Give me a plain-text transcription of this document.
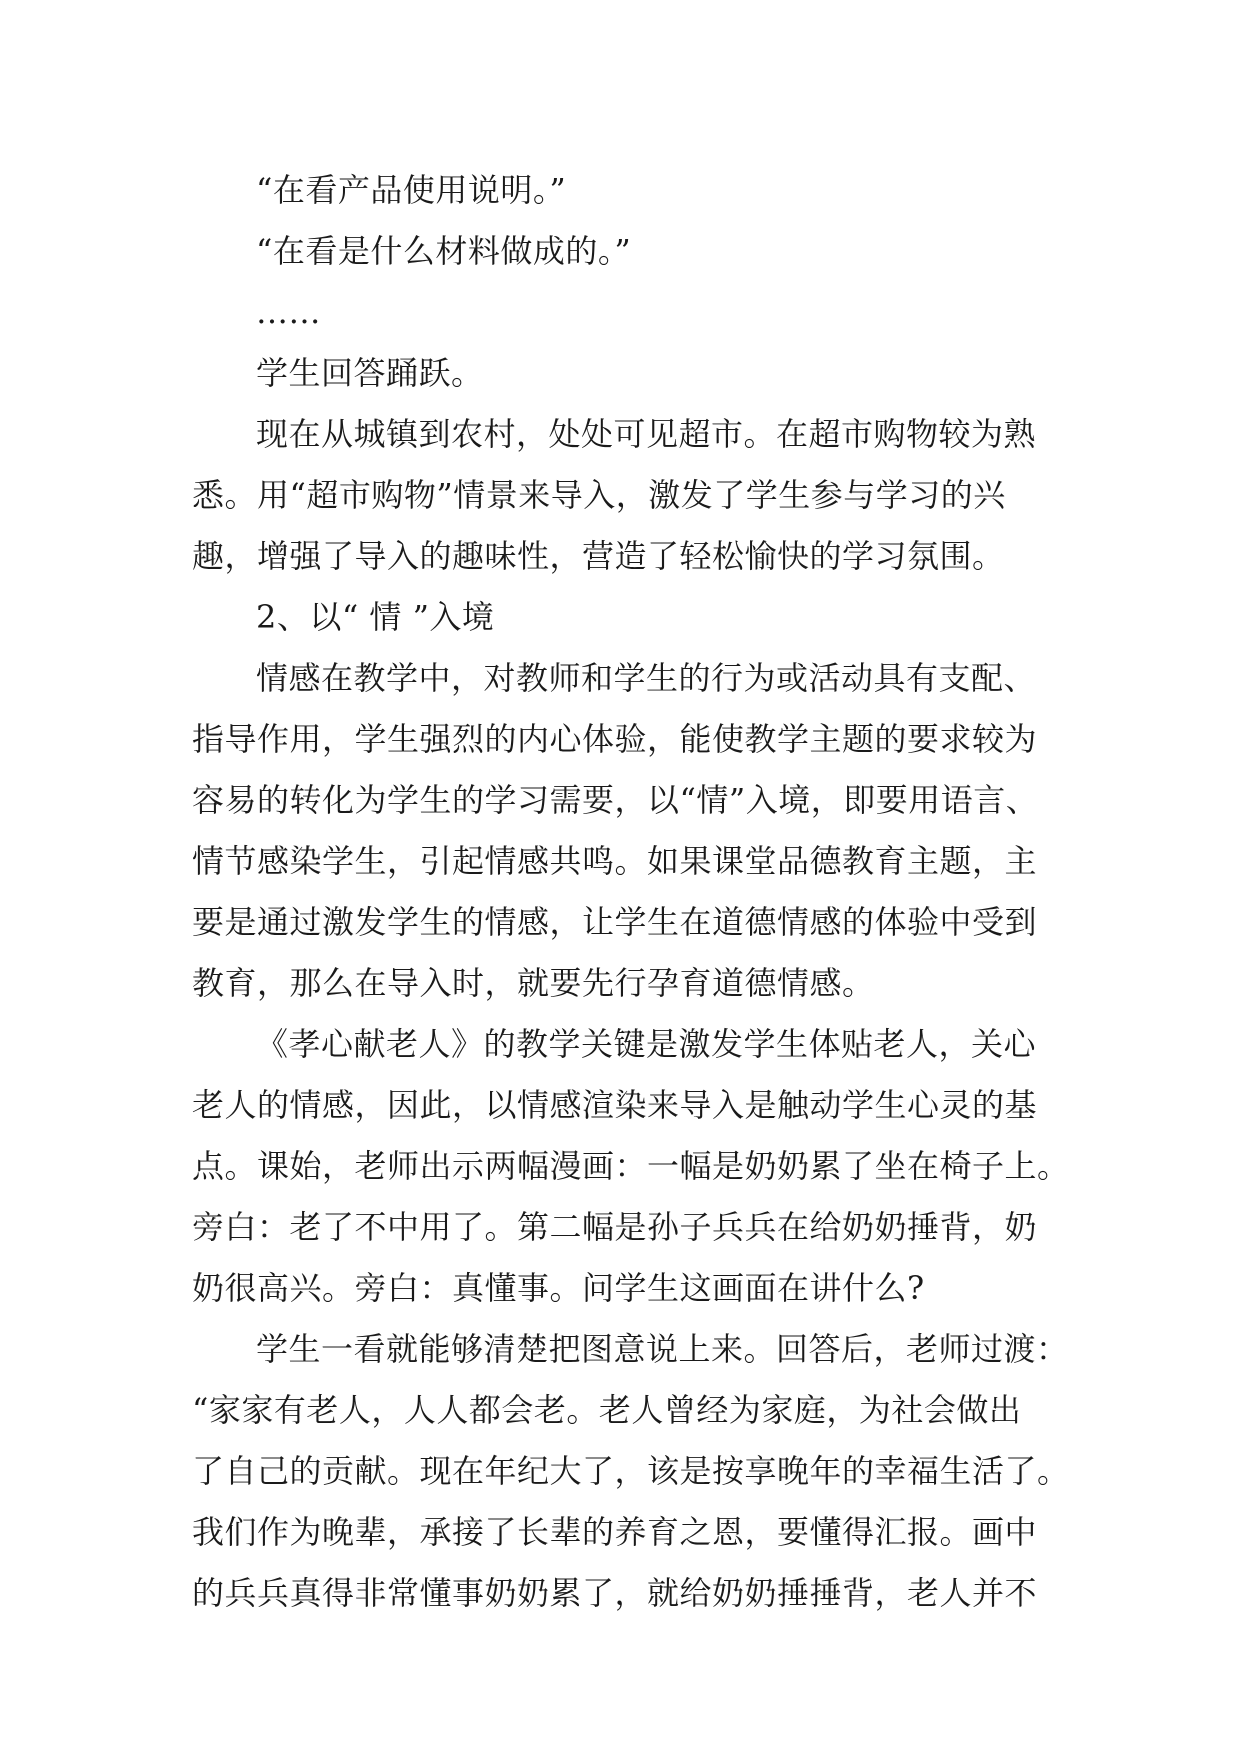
“在看产品使用说明。”
“在看是什么材料做成的。”
……
学生回答踊跃。
现在从城镇到农村，处处可见超市。在超市购物较为熟
悉。用“超市购物”情景来导入，激发了学生参与学习的兴
趣，增强了导入的趣味性，营造了轻松愉快的学习氛围。
2、以“ 情 ”入境
情感在教学中，对教师和学生的行为或活动具有支配、
指导作用，学生强烈的内心体验，能使教学主题的要求较为
容易的转化为学生的学习需要，以“情”入境，即要用语言、
情节感染学生，引起情感共鸣。如果课堂品德教育主题，主
要是通过激发学生的情感，让学生在道德情感的体验中受到
教育，那么在导入时，就要先行孕育道德情感。
《孝心献老人》的教学关键是激发学生体贴老人，关心
老人的情感，因此，以情感渲染来导入是触动学生心灵的基
点。课始，老师出示两幅漫画：一幅是奶奶累了坐在椅子上。
旁白：老了不中用了。第二幅是孙子兵兵在给奶奶捶背，奶
奶很高兴。旁白：真懂事。问学生这画面在讲什么?
学生一看就能够清楚把图意说上来。回答后，老师过渡：
“家家有老人，人人都会老。老人曾经为家庭，为社会做出
了自己的贡献。现在年纪大了，该是按享晚年的幸福生活了。
我们作为晚辈，承接了长辈的养育之恩，要懂得汇报。画中
的兵兵真得非常懂事奶奶累了，就给奶奶捶捶背，老人并不
